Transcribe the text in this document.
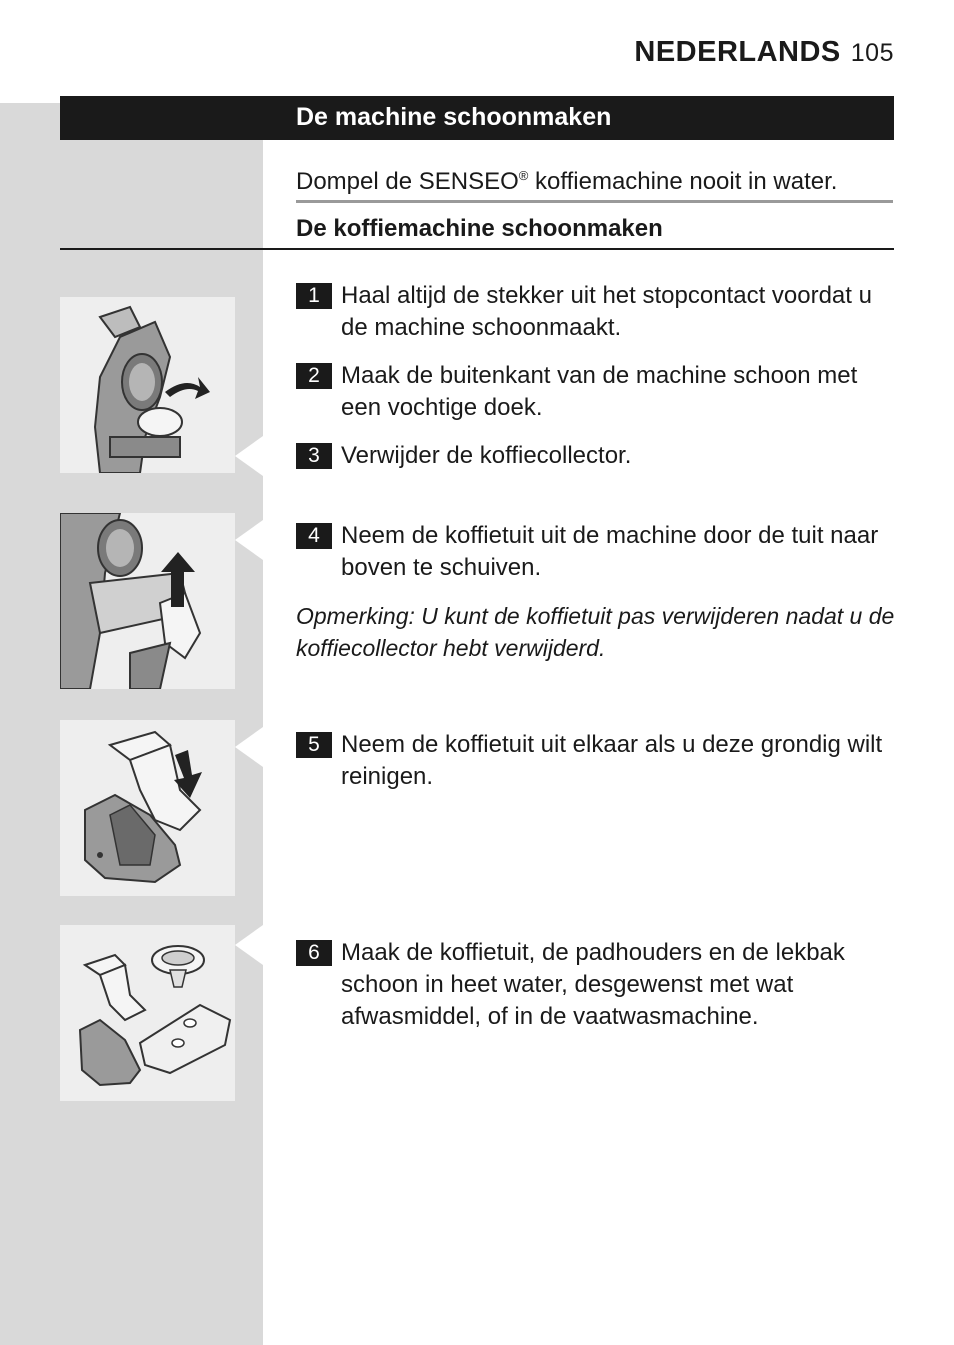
NEDERLANDS 105
De machine schoonmaken
Dompel de SENSEO® koffiemachine nooit in water.
De koffiemachine schoonmaken
1 Haal altijd de stekker uit het stopcontact voordat u de machine schoonmaakt.
2 Maak de buitenkant van de machine schoon met een vochtige doek.
3 Verwijder de koffiecollector.
4 Neem de koffietuit uit de machine door de tuit naar boven te schuiven.
Opmerking: U kunt de koffietuit pas verwijderen nadat u de koffiecollector hebt verwijderd.
5 Neem de koffietuit uit elkaar als u deze grondig wilt reinigen.
6 Maak de koffietuit, de padhouders en de lekbak schoon in heet water, desgewenst met wat afwasmiddel, of in de vaatwasmachine.
